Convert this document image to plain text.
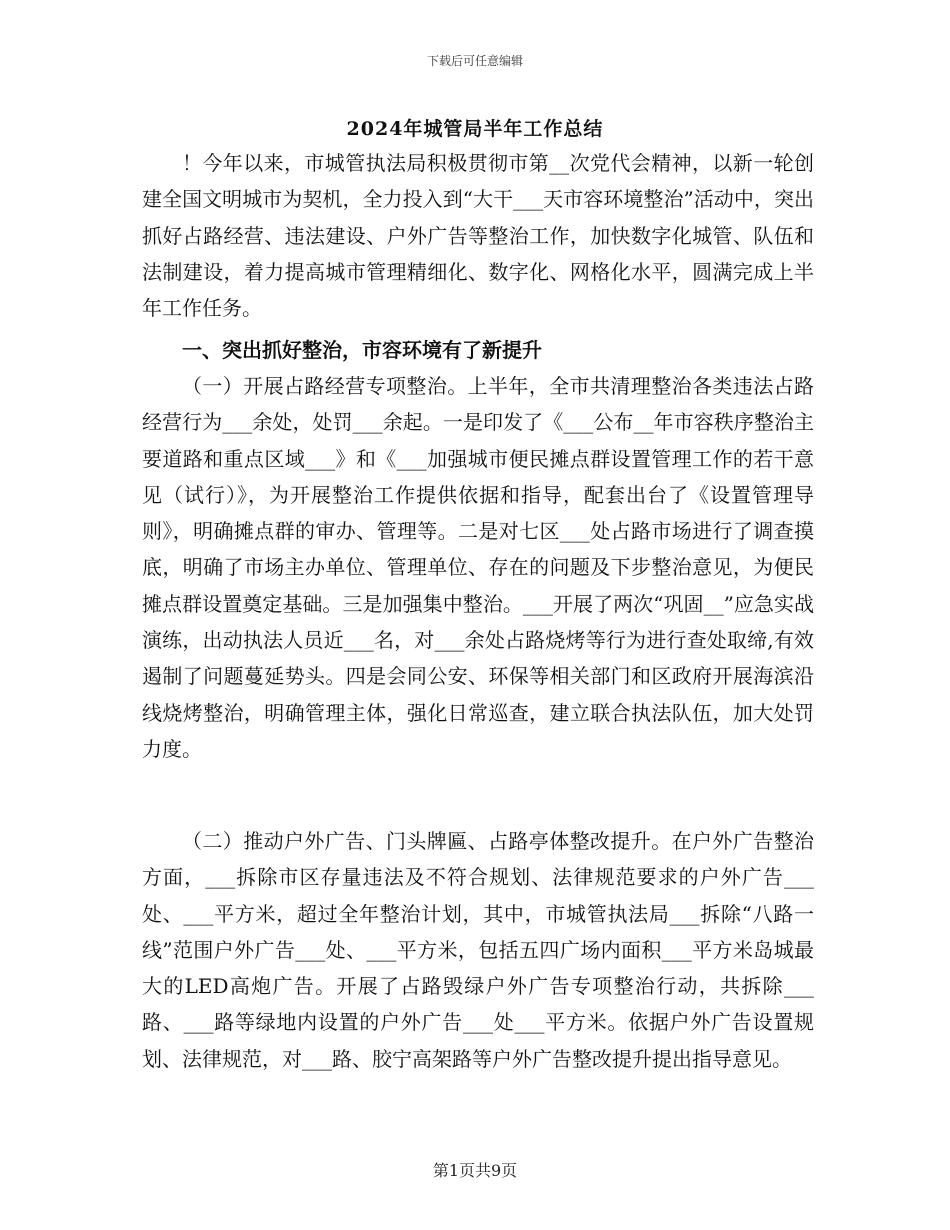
下载后可任意编辑
2024年城管局半年工作总结

！今年以来，市城管执法局积极贯彻市第__次党代会精神，以新一轮创建全国文明城市为契机，全力投入到“大干___天市容环境整治”活动中，突出抓好占路经营、违法建设、户外广告等整治工作，加快数字化城管、队伍和法制建设，着力提高城市管理精细化、数字化、网格化水平，圆满完成上半年工作任务。

一、突出抓好整治，市容环境有了新提升

（一）开展占路经营专项整治。上半年，全市共清理整治各类违法占路经营行为___余处，处罚___余起。一是印发了《___公布__年市容秩序整治主要道路和重点区域___》和《___加强城市便民摊点群设置管理工作的若干意见（试行）》，为开展整治工作提供依据和指导，配套出台了《设置管理导则》，明确摊点群的审办、管理等。二是对七区___处占路市场进行了调查摸底，明确了市场主办单位、管理单位、存在的问题及下步整治意见，为便民摊点群设置奠定基础。三是加强集中整治。___开展了两次“巩固__”应急实战演练，出动执法人员近___名，对___余处占路烧烤等行为进行查处取缔,有效遏制了问题蔓延势头。四是会同公安、环保等相关部门和区政府开展海滨沿线烧烤整治，明确管理主体，强化日常巡查，建立联合执法队伍，加大处罚力度。

（二）推动户外广告、门头牌匾、占路亭体整改提升。在户外广告整治方面，___拆除市区存量违法及不符合规划、法律规范要求的户外广告___处、___平方米，超过全年整治计划，其中，市城管执法局___拆除“八路一线”范围户外广告___处、___平方米，包括五四广场内面积___平方米岛城最大的LED高炮广告。开展了占路毁绿户外广告专项整治行动，共拆除___路、___路等绿地内设置的户外广告___处___平方米。依据户外广告设置规划、法律规范，对___路、胶宁高架路等户外广告整改提升提出指导意见。

第1页共9页
